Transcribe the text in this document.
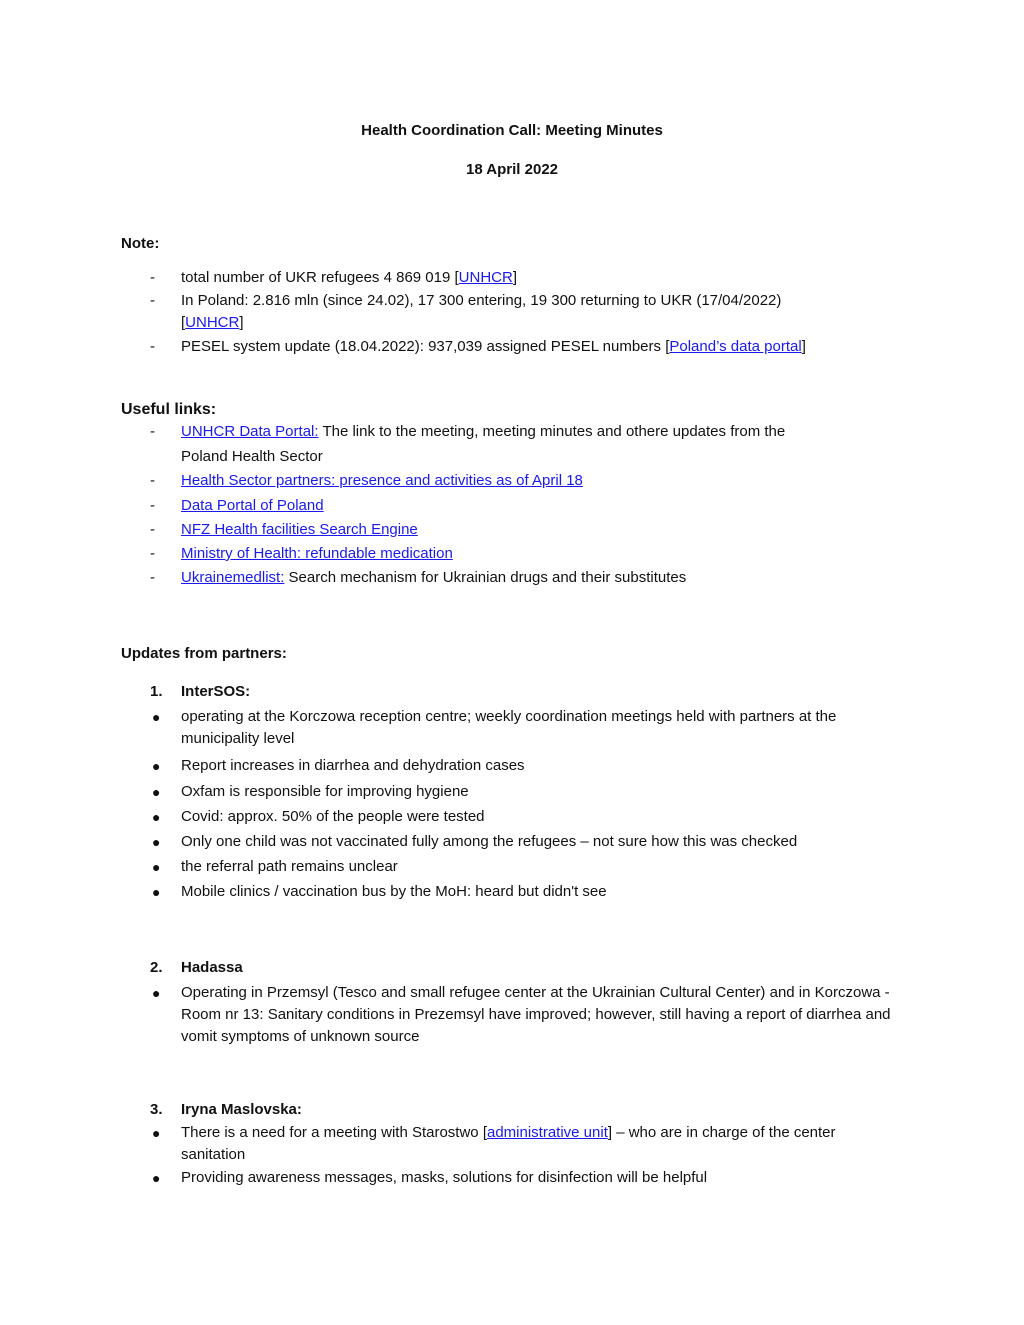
Health Coordination Call: Meeting Minutes
18 April 2022
Note:
- total number of UKR refugees 4 869 019 [UNHCR]
- In Poland: 2.816 mln (since 24.02), 17 300 entering, 19 300 returning to UKR (17/04/2022)
[UNHCR]
- PESEL system update (18.04.2022): 937,039 assigned PESEL numbers [Poland’s data portal]
Useful links:
- UNHCR Data Portal: The link to the meeting, meeting minutes and othere updates from the
Poland Health Sector
- Health Sector partners: presence and activities as of April 18
- Data Portal of Poland
- NFZ Health facilities Search Engine
- Ministry of Health: refundable medication
- Ukrainemedlist: Search mechanism for Ukrainian drugs and their substitutes
Updates from partners:
1. InterSOS:
● operating at the Korczowa reception centre; weekly coordination meetings held with partners at the municipality level
● Report increases in diarrhea and dehydration cases
● Oxfam is responsible for improving hygiene
● Covid: approx. 50% of the people were tested
● Only one child was not vaccinated fully among the refugees – not sure how this was checked
● the referral path remains unclear
● Mobile clinics / vaccination bus by the MoH: heard but didn't see
2. Hadassa
● Operating in Przemsyl (Tesco and small refugee center at the Ukrainian Cultural Center) and in Korczowa - Room nr 13: Sanitary conditions in Prezemsyl have improved; however, still having a report of diarrhea and vomit symptoms of unknown source
3. Iryna Maslovska:
● There is a need for a meeting with Starostwo [administrative unit] – who are in charge of the center sanitation
● Providing awareness messages, masks, solutions for disinfection will be helpful
